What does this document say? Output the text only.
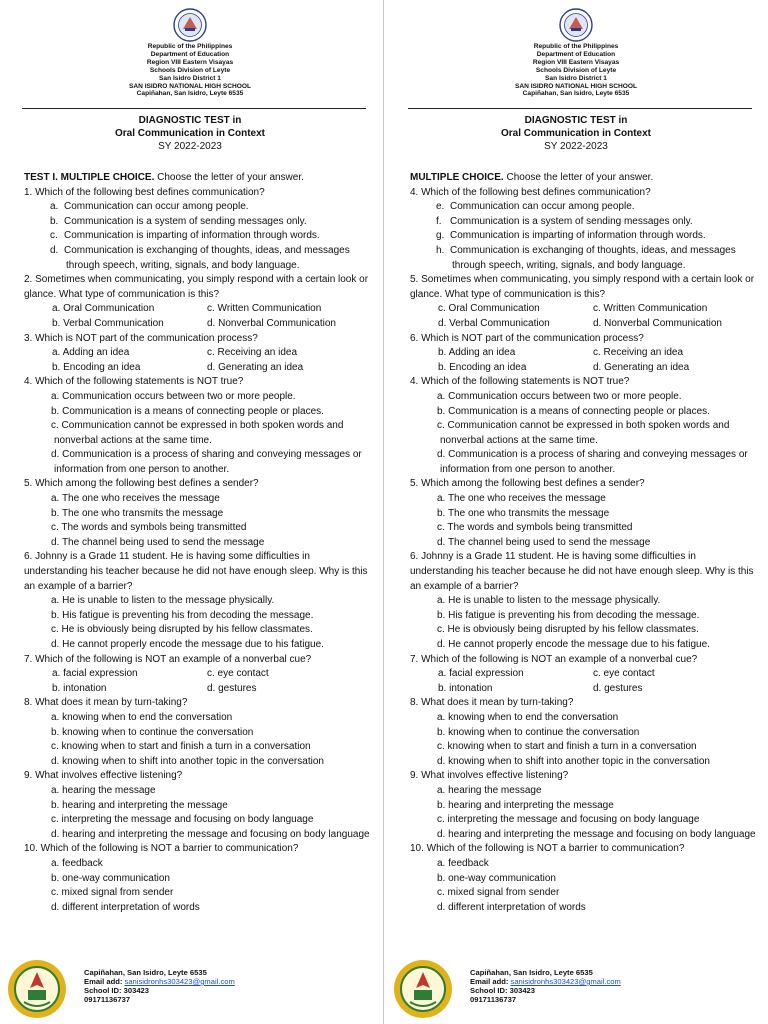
Republic of the Philippines
Department of Education
Region VIII Eastern Visayas
Schools Division of Leyte
San Isidro District 1
SAN ISIDRO NATIONAL HIGH SCHOOL
Capiñahan, San Isidro, Leyte 6535
DIAGNOSTIC TEST in
Oral Communication in Context
SY 2022-2023
TEST I. MULTIPLE CHOICE. Choose the letter of your answer.
1. Which of the following best defines communication?
a. Communication can occur among people.
b. Communication is a system of sending messages only.
c. Communication is imparting of information through words.
d. Communication is exchanging of thoughts, ideas, and messages through speech, writing, signals, and body language.
2. Sometimes when communicating, you simply respond with a certain look or glance. What type of communication is this?
a. Oral Communication	c. Written Communication
b. Verbal Communication	d. Nonverbal Communication
3. Which is NOT part of the communication process?
a. Adding an idea	c. Receiving an idea
b. Encoding an idea	d. Generating an idea
4. Which of the following statements is NOT true?
a. Communication occurs between two or more people.
b. Communication is a means of connecting people or places.
c. Communication cannot be expressed in both spoken words and nonverbal actions at the same time.
d. Communication is a process of sharing and conveying messages or information from one person to another.
5. Which among the following best defines a sender?
a. The one who receives the message
b. The one who transmits the message
c. The words and symbols being transmitted
d. The channel being used to send the message
6. Johnny is a Grade 11 student. He is having some difficulties in understanding his teacher because he did not have enough sleep. Why is this an example of a barrier?
a. He is unable to listen to the message physically.
b. His fatigue is preventing his from decoding the message.
c. He is obviously being disrupted by his fellow classmates.
d. He cannot properly encode the message due to his fatigue.
7. Which of the following is NOT an example of a nonverbal cue?
a. facial expression	c. eye contact
b. intonation	d. gestures
8. What does it mean by turn-taking?
a. knowing when to end the conversation
b. knowing when to continue the conversation
c. knowing when to start and finish a turn in a conversation
d. knowing when to shift into another topic in the conversation
9. What involves effective listening?
a. hearing the message
b. hearing and interpreting the message
c. interpreting the message and focusing on body language
d. hearing and interpreting the message and focusing on body language
10. Which of the following is NOT a barrier to communication?
a. feedback
b. one-way communication
c. mixed signal from sender
d. different interpretation of words
Capiñahan, San Isidro, Leyte 6535
Email add: sanisidronhs303423@gmail.com
School ID: 303423
09171136737
Republic of the Philippines
Department of Education
Region VIII Eastern Visayas
Schools Division of Leyte
San Isidro District 1
SAN ISIDRO NATIONAL HIGH SCHOOL
Capiñahan, San Isidro, Leyte 6535
DIAGNOSTIC TEST in
Oral Communication in Context
SY 2022-2023
MULTIPLE CHOICE. Choose the letter of your answer.
4. Which of the following best defines communication?
e. Communication can occur among people.
f. Communication is a system of sending messages only.
g. Communication is imparting of information through words.
h. Communication is exchanging of thoughts, ideas, and messages through speech, writing, signals, and body language.
5. Sometimes when communicating, you simply respond with a certain look or glance. What type of communication is this?
c. Oral Communication	c. Written Communication
d. Verbal Communication	d. Nonverbal Communication
6. Which is NOT part of the communication process?
b. Adding an idea	c. Receiving an idea
b. Encoding an idea	d. Generating an idea
4. Which of the following statements is NOT true?
a. Communication occurs between two or more people.
b. Communication is a means of connecting people or places.
c. Communication cannot be expressed in both spoken words and nonverbal actions at the same time.
d. Communication is a process of sharing and conveying messages or information from one person to another.
5. Which among the following best defines a sender?
a. The one who receives the message
b. The one who transmits the message
c. The words and symbols being transmitted
d. The channel being used to send the message
6. Johnny is a Grade 11 student. He is having some difficulties in understanding his teacher because he did not have enough sleep. Why is this an example of a barrier?
a. He is unable to listen to the message physically.
b. His fatigue is preventing his from decoding the message.
c. He is obviously being disrupted by his fellow classmates.
d. He cannot properly encode the message due to his fatigue.
7. Which of the following is NOT an example of a nonverbal cue?
a. facial expression	c. eye contact
b. intonation	d. gestures
8. What does it mean by turn-taking?
a. knowing when to end the conversation
b. knowing when to continue the conversation
c. knowing when to start and finish a turn in a conversation
d. knowing when to shift into another topic in the conversation
9. What involves effective listening?
a. hearing the message
b. hearing and interpreting the message
c. interpreting the message and focusing on body language
d. hearing and interpreting the message and focusing on body language
10. Which of the following is NOT a barrier to communication?
a. feedback
b. one-way communication
c. mixed signal from sender
d. different interpretation of words
Capiñahan, San Isidro, Leyte 6535
Email add: sanisidronhs303423@gmail.com
School ID: 303423
09171136737
